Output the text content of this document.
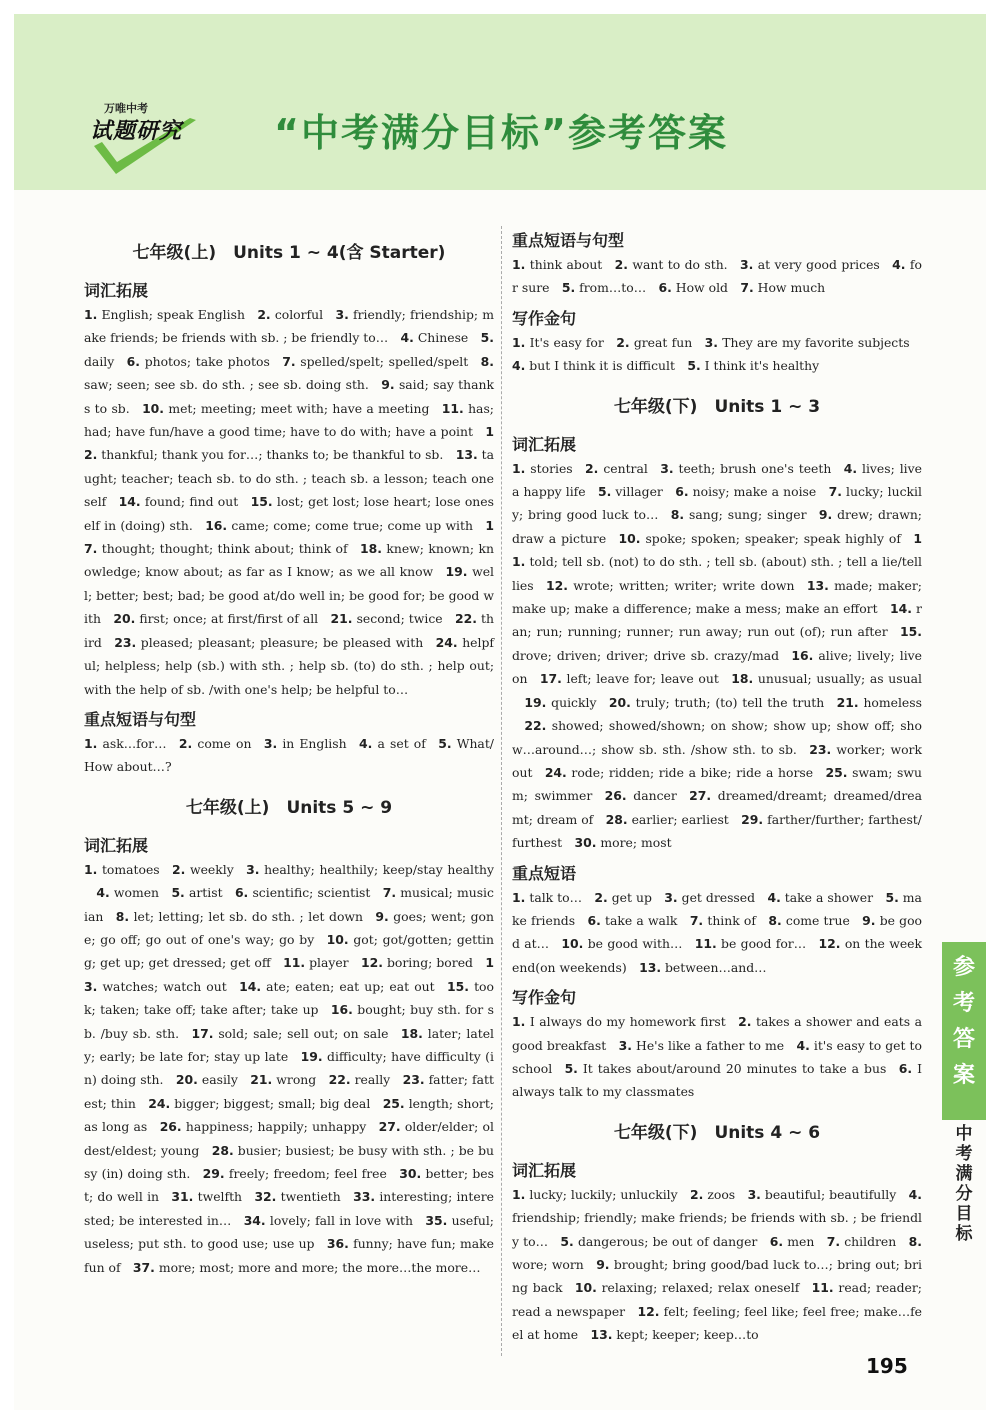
万唯中考
试题研究 “中考满分目标”参考答案
七年级(上)　Units 1 ~ 4(含 Starter)
词汇拓展

1. English; speak English  2. colorful  3. friendly; friendship; make friends; be friends with sb. ; be friendly to…  4. Chinese  5. daily  6. photos; take photos  7. spelled/spelt; spelled/spelt  8. saw; seen; see sb. do sth. ; see sb. doing sth.  9. said; say thanks to sb.  10. met; meeting; meet with; have a meeting  11. has; had; have fun/have a good time; have to do with; have a point  12. thankful; thank you for…; thanks to; be thankful to sb.  13. taught; teacher; teach sb. to do sth. ; teach sb. a lesson; teach oneself  14. found; find out  15. lost; get lost; lose heart; lose oneself in (doing) sth.  16. came; come; come true; come up with  17. thought; thought; think about; think of  18. knew; known; knowledge; know about; as far as I know; as we all know  19. well; better; best; bad; be good at/do well in; be good for; be good with  20. first; once; at first/first of all  21. second; twice  22. third  23. pleased; pleasant; pleasure; be pleased with  24. helpful; helpless; help (sb.) with sth. ; help sb. (to) do sth. ; help out; with the help of sb. /with one's help; be helpful to… 

重点短语与句型

1. ask…for…  2. come on  3. in English  4. a set of  5. What/How about…? 

七年级(上)　Units 5 ~ 9
词汇拓展

1. tomatoes  2. weekly  3. healthy; healthily; keep/stay healthy 4. women  5. artist  6. scientific; scientist  7. musical; musician  8. let; letting; let sb. do sth. ; let down  9. goes; went; gone; go off; go out of one's way; go by  10. got; got/gotten; getting; get up; get dressed; get off  11. player  12. boring; bored  13. watches; watch out  14. ate; eaten; eat up; eat out  15. took; taken; take off; take after; take up  16. bought; buy sth. for sb. /buy sb. sth.  17. sold; sale; sell out; on sale  18. later; lately; early; be late for; stay up late  19. difficulty; have difficulty (in) doing sth.  20. easily  21. wrong  22. really  23. fatter; fattest; thin  24. bigger; biggest; small; big deal  25. length; short; as long as  26. happiness; happily; unhappy  27. older/elder; oldest/eldest; young  28. busier; busiest; be busy with sth. ; be busy (in) doing sth.  29. freely; freedom; feel free  30. better; best; do well in  31. twelfth  32. twentieth  33. interesting; interested; be interested in…  34. lovely; fall in love with  35. useful; useless; put sth. to good use; use up  36. funny; have fun; make fun of  37. more; most; more and more; the more…the more… 

重点短语与句型

1. think about  2. want to do sth.  3. at very good prices  4. for sure  5. from…to…  6. How old  7. How much 

写作金句

1. It's easy for  2. great fun  3. They are my favorite subjects 4. but I think it is difficult  5. I think it's healthy 

七年级(下)　Units 1 ~ 3
词汇拓展

1. stories  2. central  3. teeth; brush one's teeth  4. lives; live a happy life  5. villager  6. noisy; make a noise  7. lucky; luckily; bring good luck to…  8. sang; sung; singer  9. drew; drawn; draw a picture  10. spoke; spoken; speaker; speak highly of  11. told; tell sb. (not) to do sth. ; tell sb. (about) sth. ; tell a lie/tell lies  12. wrote; written; writer; write down  13. made; maker; make up; make a difference; make a mess; make an effort  14. ran; run; running; runner; run away; run out (of); run after  15. drove; driven; driver; drive sb. crazy/mad  16. alive; lively; live on  17. left; leave for; leave out  18. unusual; usually; as usual 19. quickly  20. truly; truth; (to) tell the truth  21. homeless 22. showed; showed/shown; on show; show up; show off; show…around…; show sb. sth. /show sth. to sb.  23. worker; work out  24. rode; ridden; ride a bike; ride a horse  25. swam; swum; swimmer  26. dancer  27. dreamed/dreamt; dreamed/dreamt; dream of  28. earlier; earliest  29. farther/further; farthest/furthest  30. more; most 

重点短语

1. talk to…  2. get up  3. get dressed  4. take a shower  5. make friends  6. take a walk  7. think of  8. come true  9. be good at…  10. be good with…  11. be good for…  12. on the weekend(on weekends)  13. between…and… 

写作金句

1. I always do my homework first  2. takes a shower and eats a good breakfast  3. He's like a father to me  4. it's easy to get to school  5. It takes about/around 20 minutes to take a bus  6. I always talk to my classmates 

七年级(下)　Units 4 ~ 6
词汇拓展

1. lucky; luckily; unluckily  2. zoos  3. beautiful; beautifully  4. friendship; friendly; make friends; be friends with sb. ; be friendly to…  5. dangerous; be out of danger  6. men  7. children  8. wore; worn  9. brought; bring good/bad luck to…; bring out; bring back  10. relaxing; relaxed; relax oneself  11. read; reader; read a newspaper  12. felt; feeling; feel like; feel free; make…feel at home  13. kept; keeper; keep…to 

参考答案
中考满分目标
195
